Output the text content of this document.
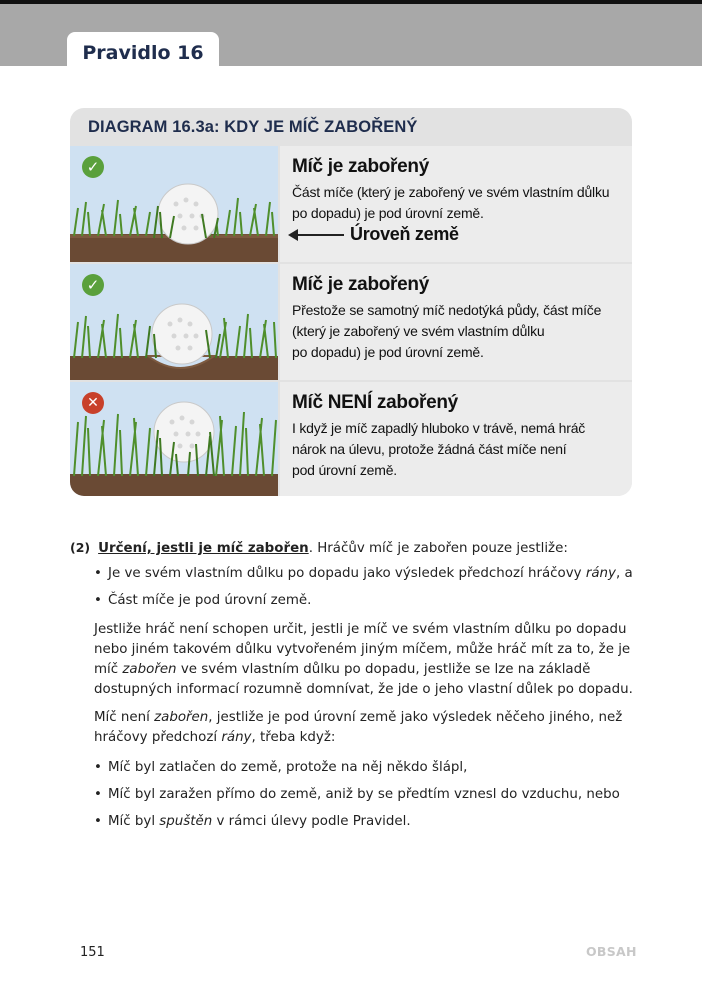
Pravidlo 16
DIAGRAM 16.3a: KDY JE MÍČ ZABOŘENÝ
✓	Míč je zabořený
Část míče (který je zabořený ve svém vlastním důlku
po dopadu) je pod úrovní země.
Úroveň země
✓	Míč je zabořený
Přestože se samotný míč nedotýká půdy, část míče
(který je zabořený ve svém vlastním důlku
po dopadu) je pod úrovní země.
✕	Míč NENÍ zabořený
I když je míč zapadlý hluboko v trávě, nemá hráč
nárok na úlevu, protože žádná část míče není
pod úrovní země.
(2) Určení, jestli je míč zabořen. Hráčův míč je zabořen pouze jestliže:
• Je ve svém vlastním důlku po dopadu jako výsledek předchozí hráčovy rány, a
• Část míče je pod úrovní země.
Jestliže hráč není schopen určit, jestli je míč ve svém vlastním důlku po dopadu
nebo jiném takovém důlku vytvořeném jiným míčem, může hráč mít za to, že je
míč zabořen ve svém vlastním důlku po dopadu, jestliže se lze na základě
dostupných informací rozumně domnívat, že jde o jeho vlastní důlek po dopadu.
Míč není zabořen, jestliže je pod úrovní země jako výsledek něčeho jiného, než
hráčovy předchozí rány, třeba když:
• Míč byl zatlačen do země, protože na něj někdo šlápl,
• Míč byl zaražen přímo do země, aniž by se předtím vznesl do vzduchu, nebo
• Míč byl spuštěn v rámci úlevy podle Pravidel.
151	OBSAH
